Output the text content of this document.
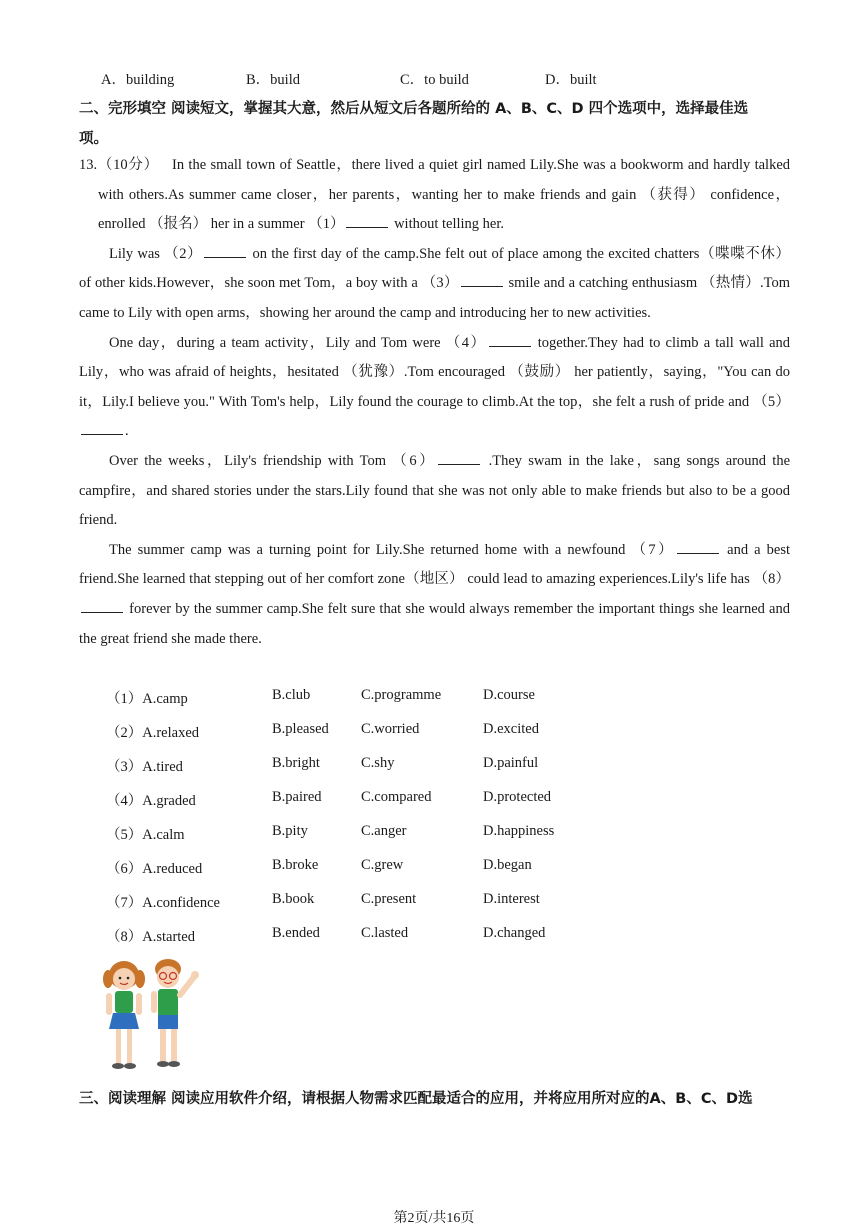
A．building	B．build	C．to build	D．built
二、完形填空 阅读短文，掌握其大意，然后从短文后各题所给的 A、B、C、D 四个选项中，选择最佳选
项。

13.（10分） In the small town of Seattle，there lived a quiet girl named Lily.She was a bookworm and hardly talked with others.As summer came closer，her parents，wanting her to make friends and gain （获得） confidence，enrolled （报名） her in a summer （1）	without telling her.

Lily was （2）	on the first day of the camp.She felt out of place among the excited chatters（喋喋不休） of other kids.However，she soon met Tom，a boy with a （3）	smile and a catching enthusiasm （热情）.Tom came to Lily with open arms，showing her around the camp and introducing her to new activities.

One day，during a team activity，Lily and Tom were （4）	together.They had to climb a tall wall and Lily，who was afraid of heights，hesitated （犹豫）.Tom encouraged （鼓励） her patiently，saying，"You can do it，Lily.I believe you." With Tom's help，Lily found the courage to climb.At the top，she felt a rush of pride and （5）.

Over the weeks，Lily's friendship with Tom （6）	.They swam in the lake，sang songs around the campfire，and shared stories under the stars.Lily found that she was not only able to make friends but also to be a good friend.

The summer camp was a turning point for Lily.She returned home with a newfound （7）	and a best friend.She learned that stepping out of her comfort zone（地区） could lead to amazing experiences.Lily's life has （8） forever by the summer camp.She felt sure that she would always remember the important things she learned and the great friend she made there.

（1）A.camp	B.club	C.programme	D.course
（2）A.relaxed	B.pleased C.worried	D.excited
（3）A.tired	B.bright	C.shy	D.painful
（4）A.graded	B.paired	C.compared	D.protected
（5）A.calm	B.pity	C.anger	D.happiness
（6）A.reduced	B.broke	C.grew	D.began
（7）A.confidence	B.book	C.present	D.interest
（8）A.started	B.ended	C.lasted	D.changed
三、阅读理解 阅读应用软件介绍，请根据人物需求匹配最适合的应用，并将应用所对应的A、B、C、D选
第2页/共16页
